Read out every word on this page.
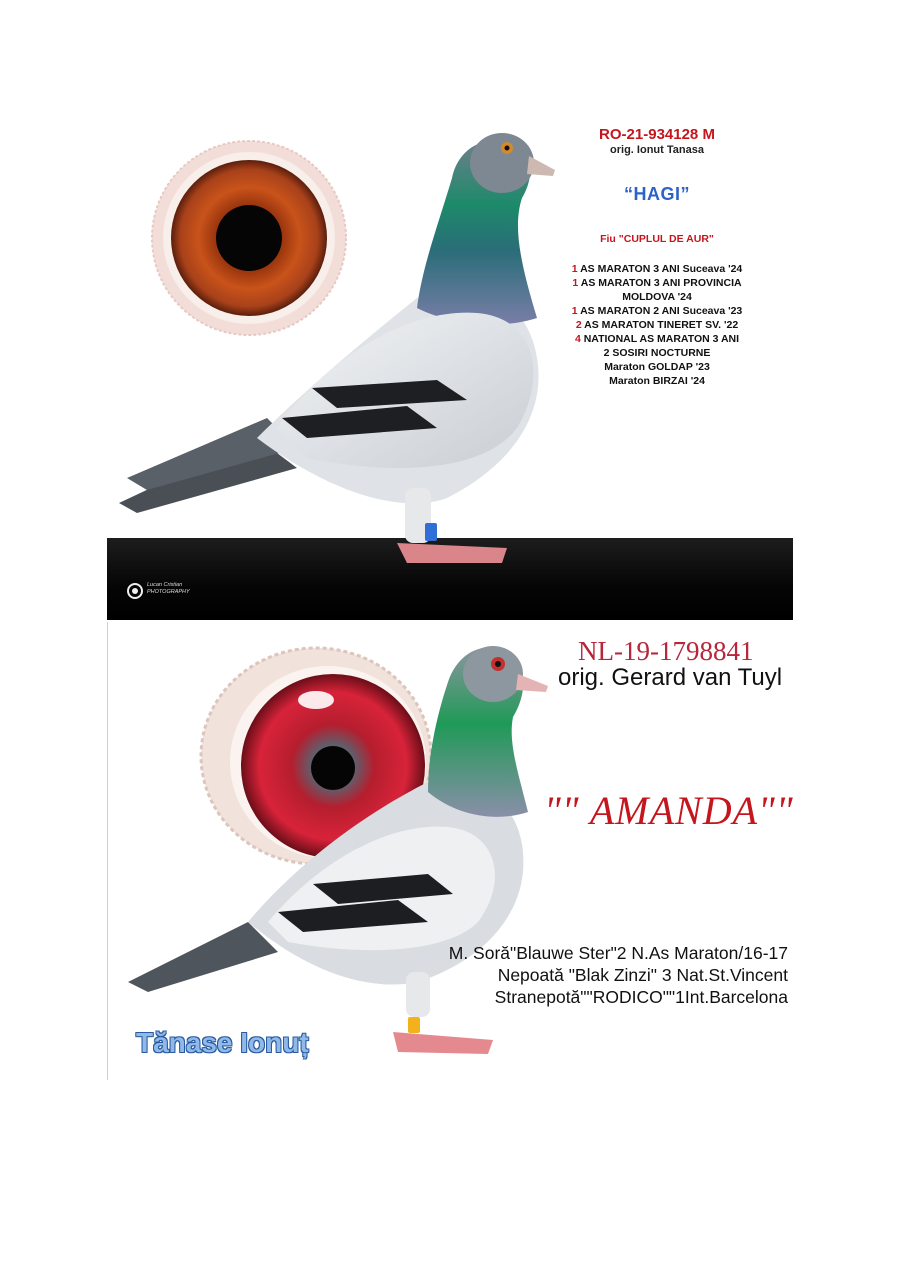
RO-21-934128 M
orig. Ionut Tanasa
“HAGI”
Fiu "CUPLUL DE AUR"
1 AS MARATON 3 ANI Suceava '24
1 AS MARATON 3 ANI PROVINCIA
MOLDOVA '24
1 AS MARATON 2 ANI Suceava '23
2 AS MARATON TINERET SV. '22
4 NATIONAL AS MARATON 3 ANI
2 SOSIRI NOCTURNE
Maraton GOLDAP '23
Maraton BIRZAI '24
Lucan Cristian
PHOTOGRAPHY
NL-19-1798841
orig. Gerard van Tuyl
"" AMANDA""
M. Soră"Blauwe Ster"2 N.As Maraton/16-17
Nepoată "Blak Zinzi" 3 Nat.St.Vincent
Stranepotă""RODICO""1Int.Barcelona
Tănase Ionuț
